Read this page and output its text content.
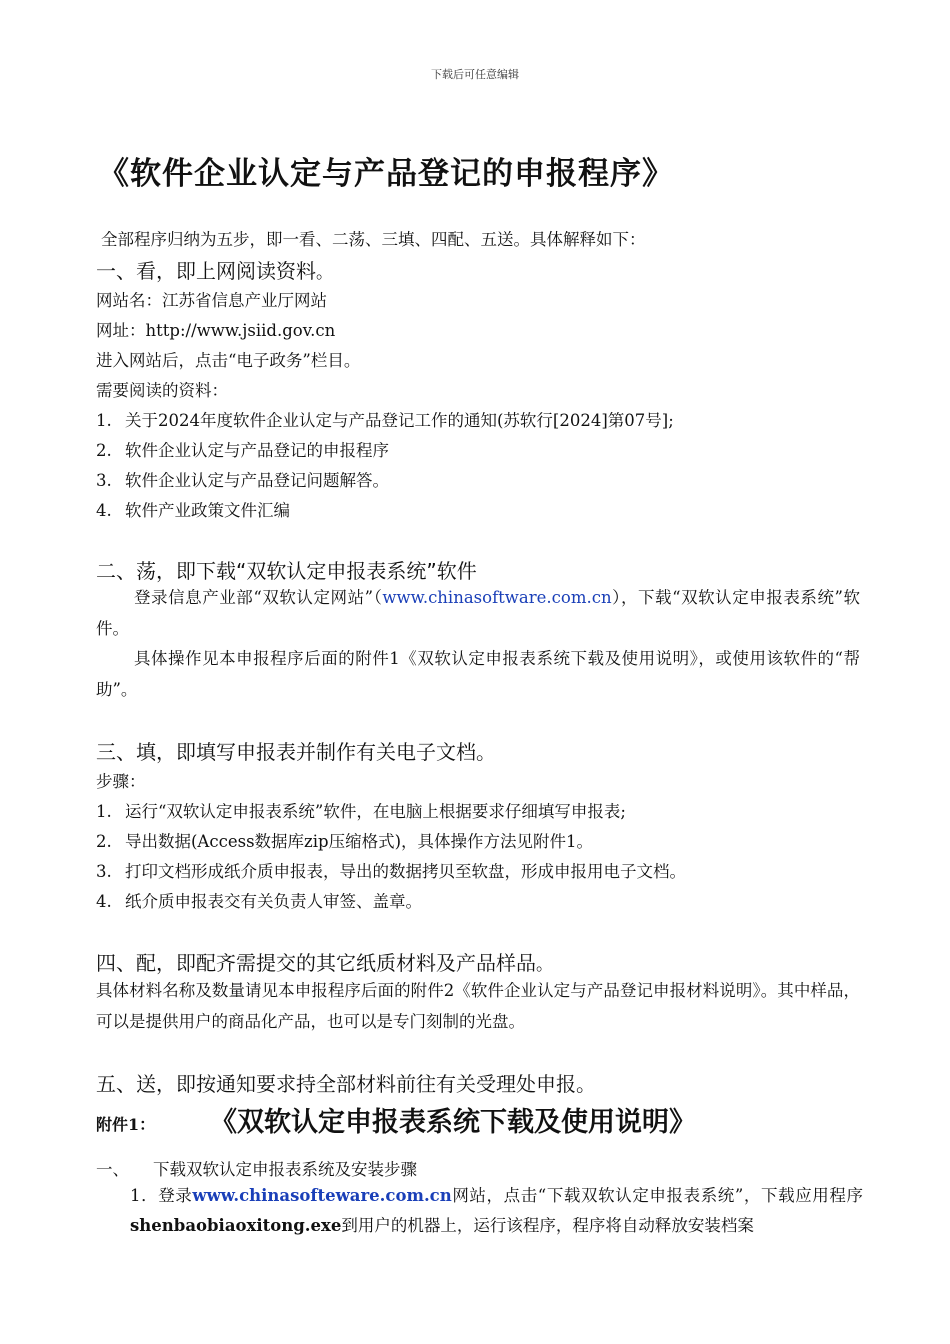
下载后可任意编辑
《软件企业认定与产品登记的申报程序》
全部程序归纳为五步，即一看、二荡、三填、四配、五送。具体解释如下：
一、看，即上网阅读资料。
网站名：江苏省信息产业厅网站
网址：http://www.jsiid.gov.cn
进入网站后，点击“电子政务”栏目。
需要阅读的资料：
1. 关于2024年度软件企业认定与产品登记工作的通知(苏软行[2024]第07号];
2. 软件企业认定与产品登记的申报程序
3. 软件企业认定与产品登记问题解答。
4. 软件产业政策文件汇编
二、荡，即下载“双软认定申报表系统”软件
登录信息产业部“双软认定网站”（www.chinasoftware.com.cn），下载“双软认定申报表系统”软件。
具体操作见本申报程序后面的附件1《双软认定申报表系统下载及使用说明》，或使用该软件的“帮助”。
三、填，即填写申报表并制作有关电子文档。
步骤：
1. 运行“双软认定申报表系统”软件，在电脑上根据要求仔细填写申报表;
2. 导出数据(Access数据库zip压缩格式)，具体操作方法见附件1。
3. 打印文档形成纸介质申报表，导出的数据拷贝至软盘，形成申报用电子文档。
4. 纸介质申报表交有关负责人审签、盖章。
四、配，即配齐需提交的其它纸质材料及产品样品。
具体材料名称及数量请见本申报程序后面的附件2《软件企业认定与产品登记申报材料说明》。其中样品，可以是提供用户的商品化产品，也可以是专门刻制的光盘。
五、送，即按通知要求持全部材料前往有关受理处申报。
附件1： 《双软认定申报表系统下载及使用说明》
一、 下载双软认定申报表系统及安装步骤
1．登录www.chinasofteware.com.cn网站，点击“下载双软认定申报表系统”，下载应用程序shenbaobiaoxitong.exe到用户的机器上，运行该程序，程序将自动释放安装档案
